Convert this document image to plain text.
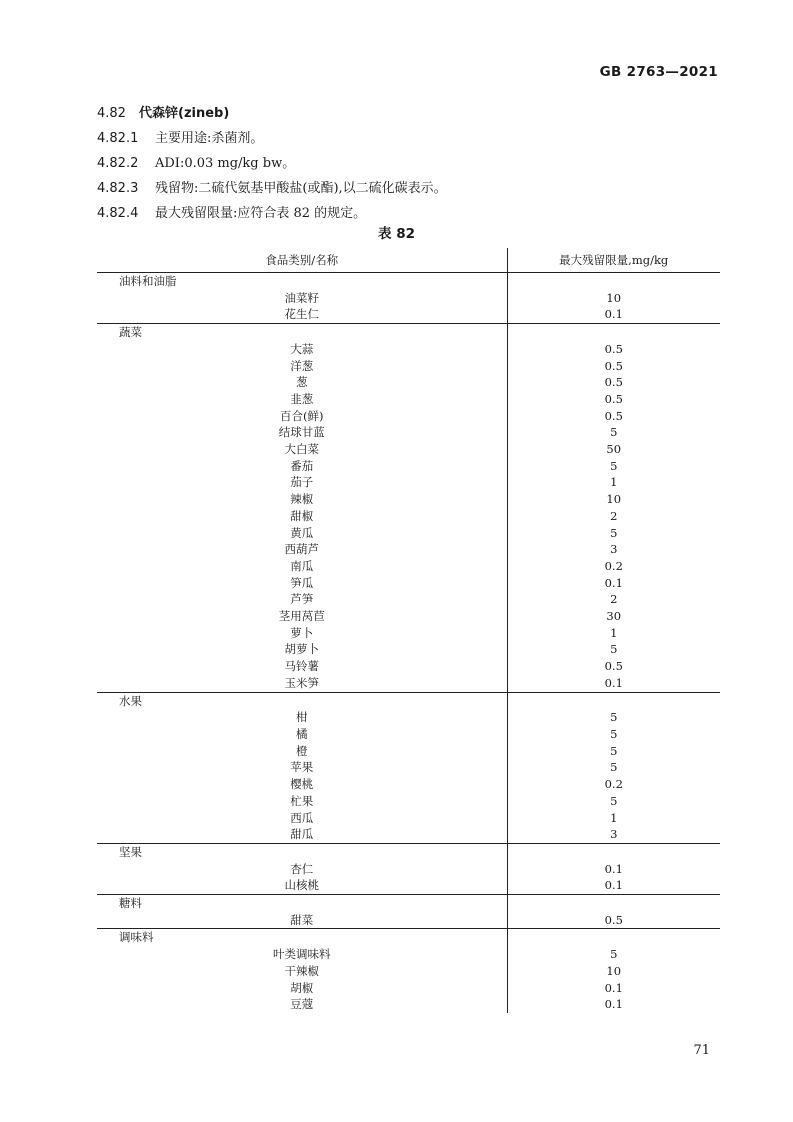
GB 2763—2021
4.82 代森锌(zineb)
4.82.1 主要用途:杀菌剂。
4.82.2 ADI:0.03 mg/kg bw。
4.82.3 残留物:二硫代氨基甲酸盐(或酯),以二硫化碳表示。
4.82.4 最大残留限量:应符合表 82 的规定。
表 82
食品类别/名称	最大残留限量,mg/kg
油料和油脂	
油菜籽	10
花生仁	0.1
蔬菜	
大蒜	0.5
洋葱	0.5
葱	0.5
韭葱	0.5
百合(鲜)	0.5
结球甘蓝	5
大白菜	50
番茄	5
茄子	1
辣椒	10
甜椒	2
黄瓜	5
西葫芦	3
南瓜	0.2
笋瓜	0.1
芦笋	2
茎用莴苣	30
萝卜	1
胡萝卜	5
马铃薯	0.5
玉米笋	0.1
水果	
柑	5
橘	5
橙	5
苹果	5
樱桃	0.2
杧果	5
西瓜	1
甜瓜	3
坚果	
杏仁	0.1
山核桃	0.1
糖料	
甜菜	0.5
调味料	
叶类调味料	5
干辣椒	10
胡椒	0.1
豆蔻	0.1
71
